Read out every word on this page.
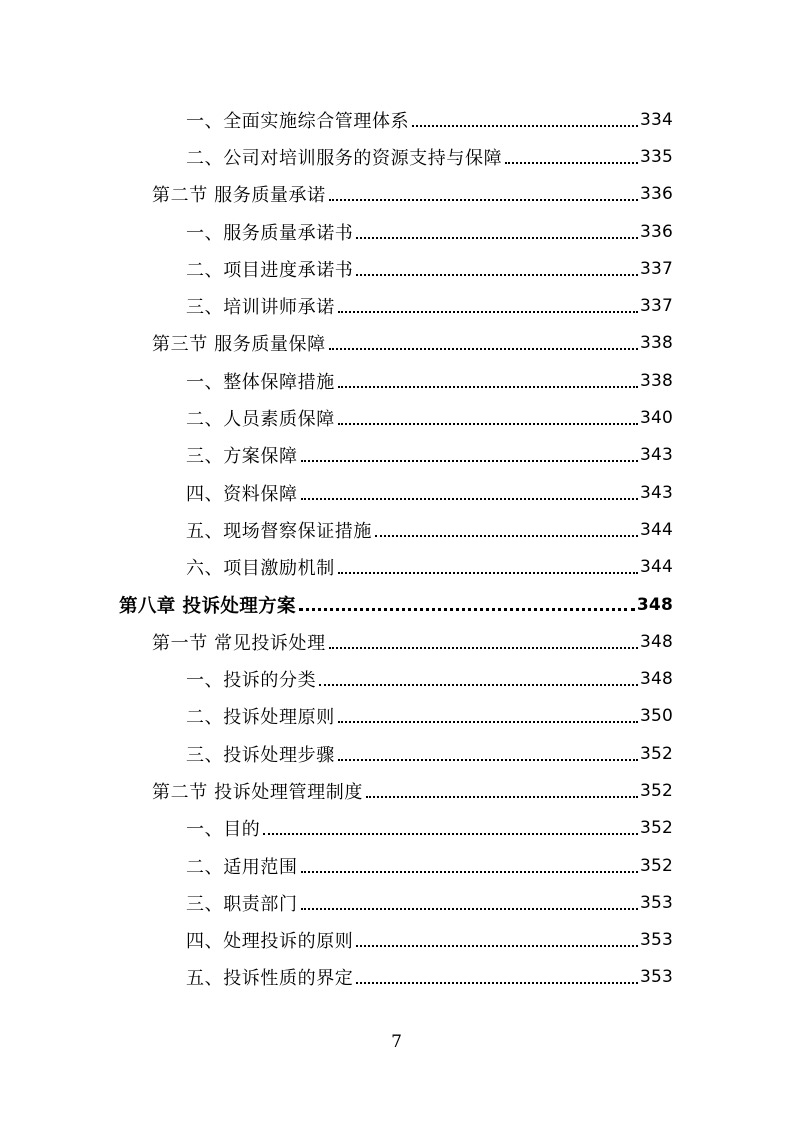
一、全面实施综合管理体系	334
二、公司对培训服务的资源支持与保障	335
第二节 服务质量承诺	336
一、服务质量承诺书	336
二、项目进度承诺书	337
三、培训讲师承诺	337
第三节 服务质量保障	338
一、整体保障措施	338
二、人员素质保障	340
三、方案保障	343
四、资料保障	343
五、现场督察保证措施	344
六、项目激励机制	344
第八章 投诉处理方案	348
第一节 常见投诉处理	348
一、投诉的分类	348
二、投诉处理原则	350
三、投诉处理步骤	352
第二节 投诉处理管理制度	352
一、目的	352
二、适用范围	352
三、职责部门	353
四、处理投诉的原则	353
五、投诉性质的界定	353
7
